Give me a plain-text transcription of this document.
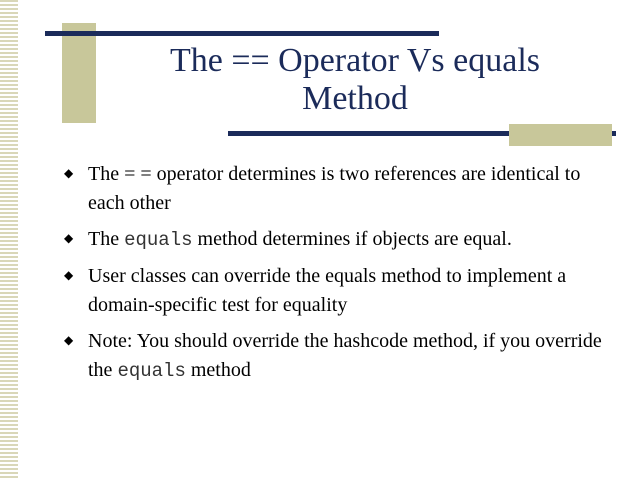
The == Operator Vs equals
Method
◆ The = = operator determines is two references are identical to each other
◆ The equals method determines if objects are equal.
◆ User classes can override the equals method to implement a domain-specific test for equality
◆ Note: You should override the hashcode method, if you override the equals method
